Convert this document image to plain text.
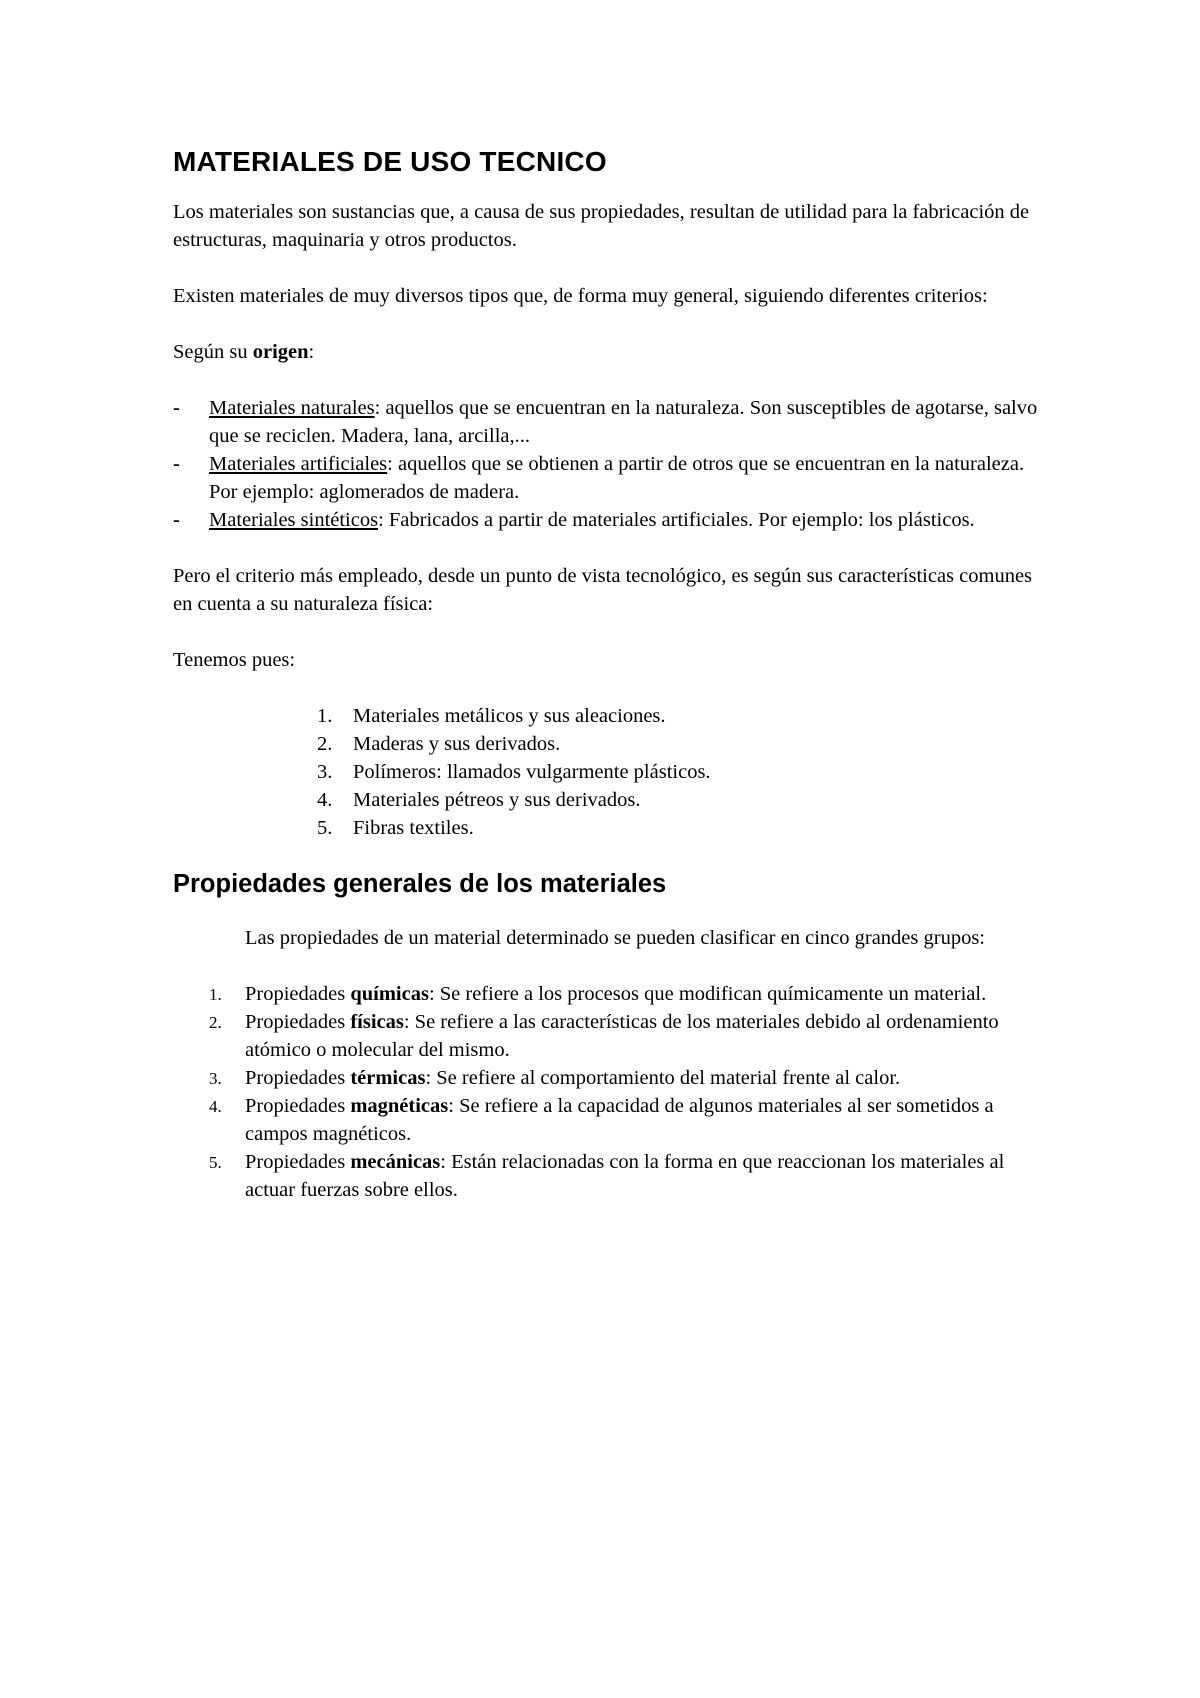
MATERIALES DE USO TECNICO

Los materiales son sustancias que, a causa de sus propiedades, resultan de utilidad para la fabricación de estructuras, maquinaria y otros productos.

Existen materiales de muy diversos tipos que, de forma muy general, siguiendo diferentes criterios:

Según su origen:

- Materiales naturales: aquellos que se encuentran en la naturaleza. Son susceptibles de agotarse, salvo que se reciclen. Madera, lana, arcilla,...
- Materiales artificiales: aquellos que se obtienen a partir de otros que se encuentran en la naturaleza. Por ejemplo: aglomerados de madera.
- Materiales sintéticos: Fabricados a partir de materiales artificiales. Por ejemplo: los plásticos.

Pero el criterio más empleado, desde un punto de vista tecnológico, es según sus características comunes en cuenta a su naturaleza física:

Tenemos pues:

1. Materiales metálicos y sus aleaciones.
2. Maderas y sus derivados.
3. Polímeros: llamados vulgarmente plásticos.
4. Materiales pétreos y sus derivados.
5. Fibras textiles.
Propiedades generales de los materiales

Las propiedades de un material determinado se pueden clasificar en cinco grandes grupos:

1. Propiedades químicas: Se refiere a los procesos que modifican químicamente un material.
2. Propiedades físicas: Se refiere a las características de los materiales debido al ordenamiento atómico o molecular del mismo.
3. Propiedades térmicas: Se refiere al comportamiento del material frente al calor.
4. Propiedades magnéticas: Se refiere a la capacidad de algunos materiales al ser sometidos a campos magnéticos.
5. Propiedades mecánicas: Están relacionadas con la forma en que reaccionan los materiales al actuar fuerzas sobre ellos.
